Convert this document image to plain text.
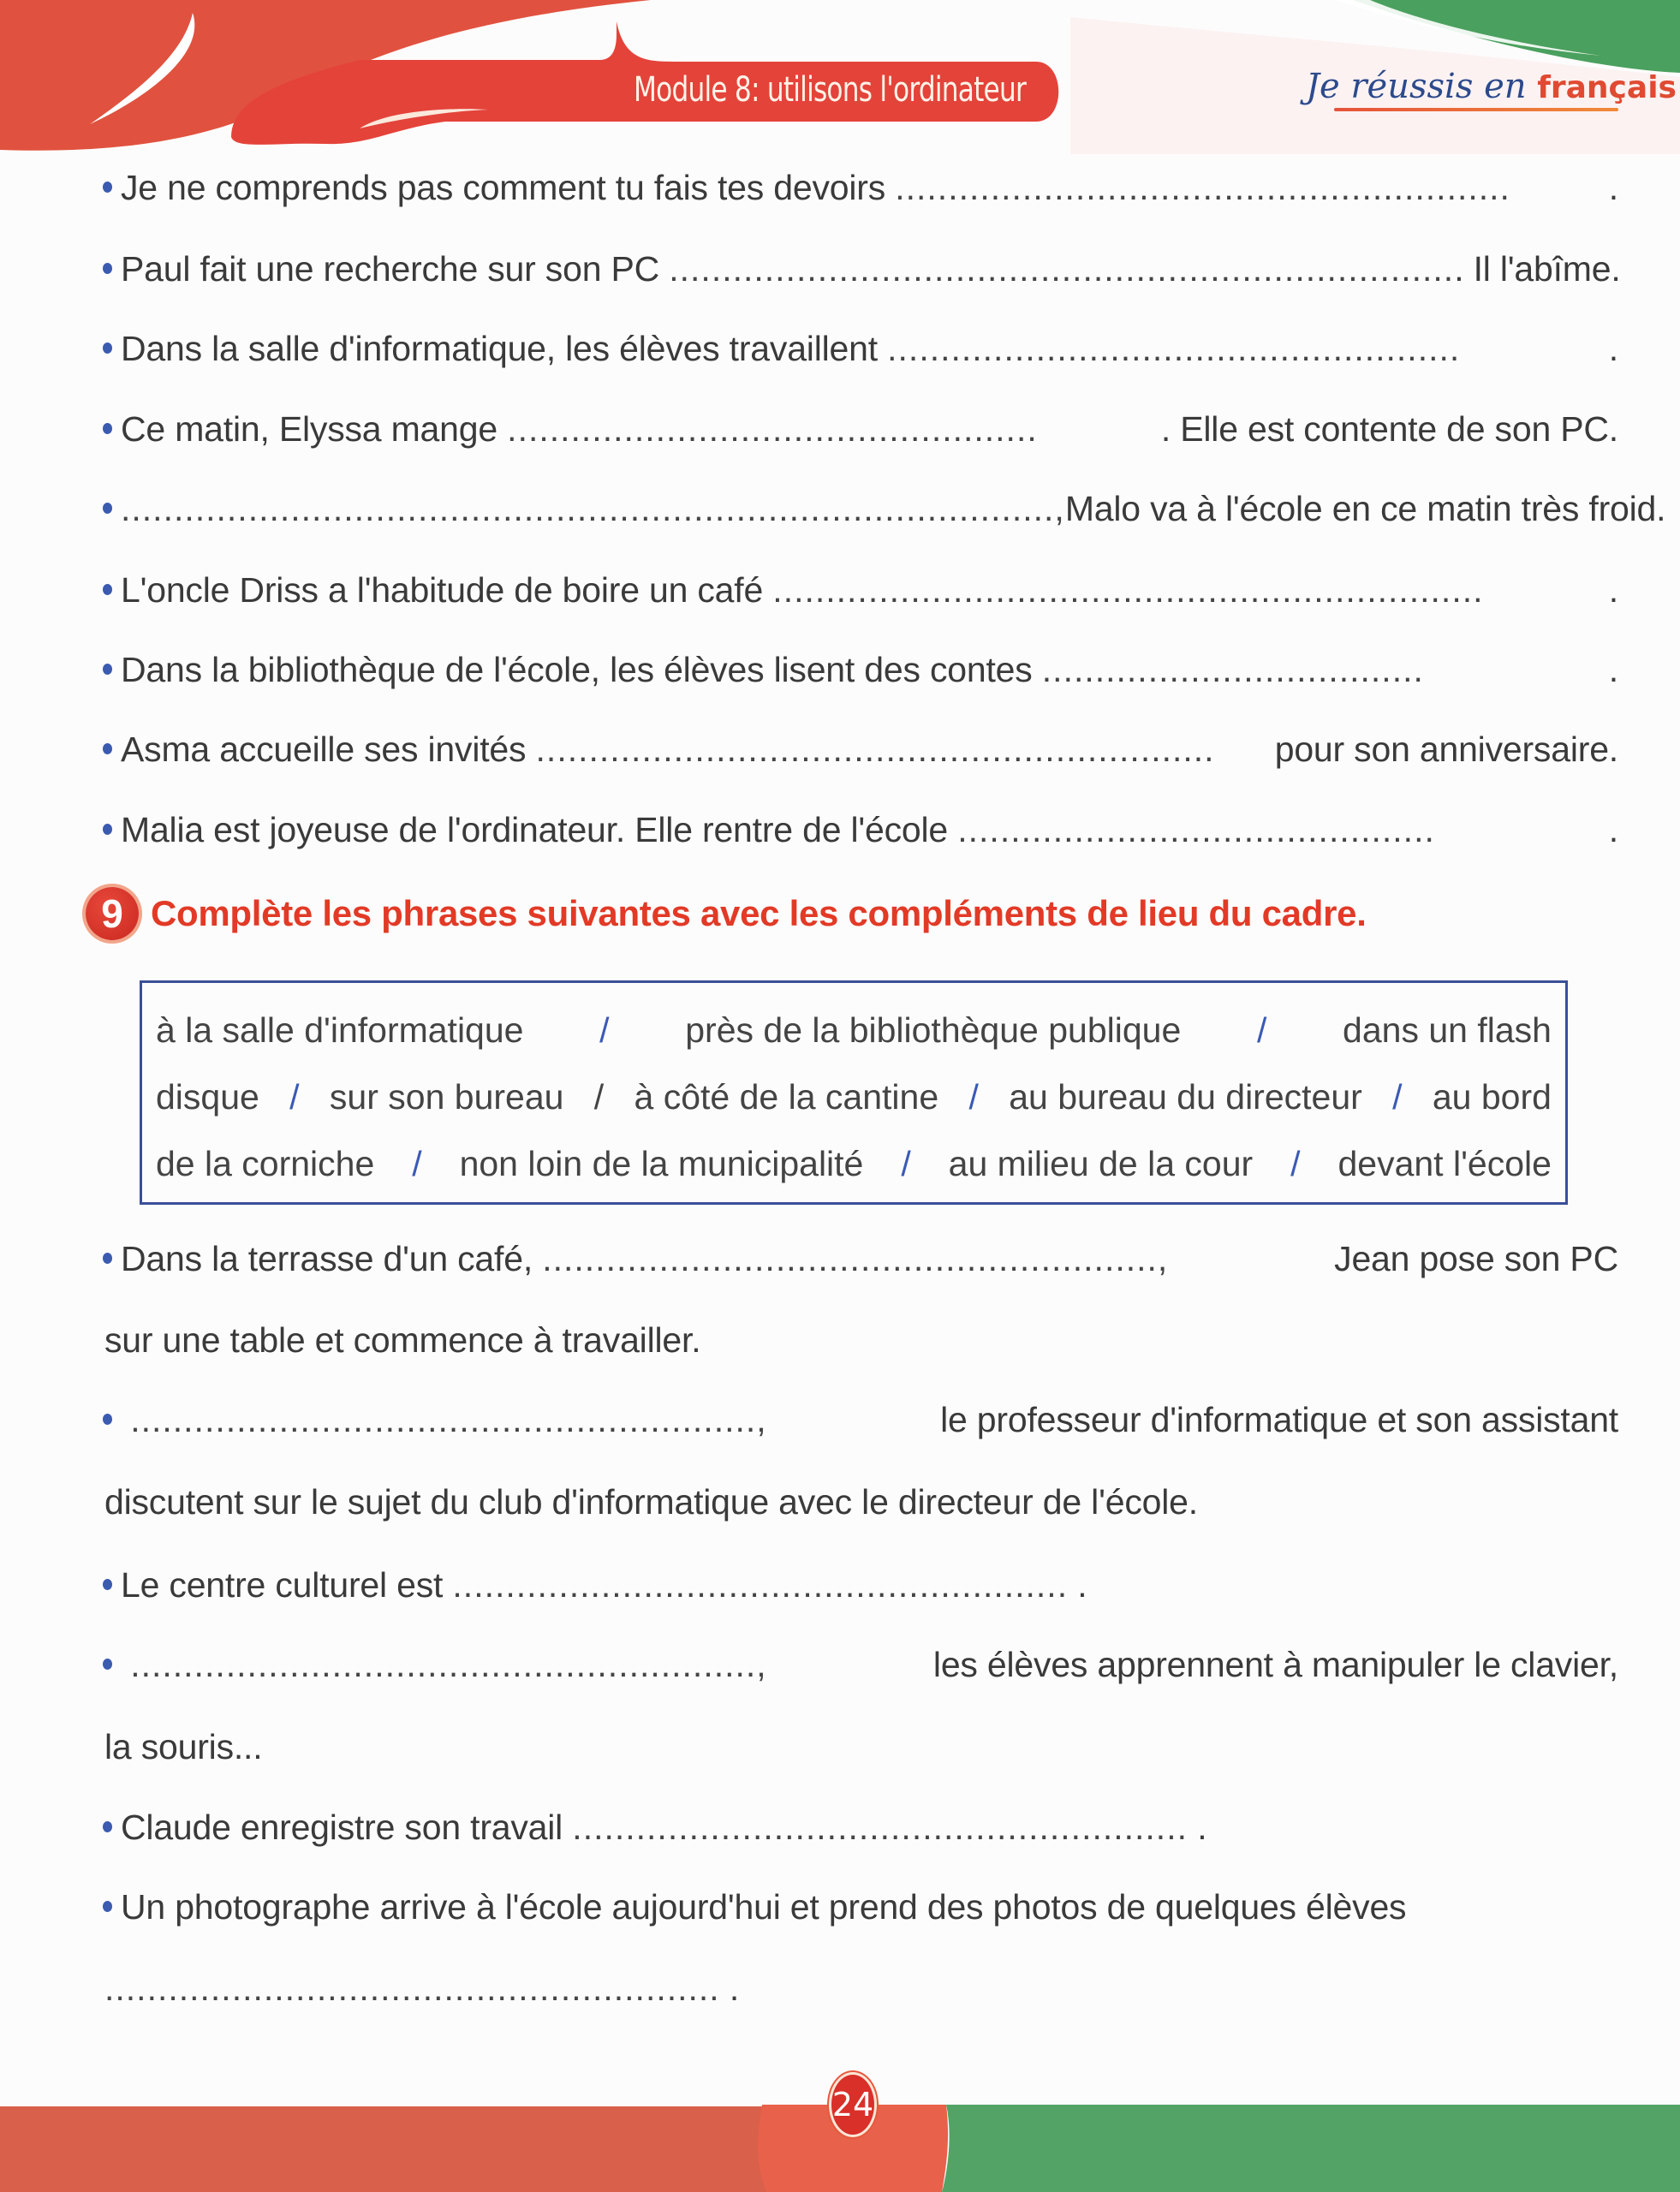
Module 8: utilisons l'ordinateur	Je réussis en français
Je ne comprends pas comment tu fais tes devoirs ..........................................................	.
Paul fait une recherche sur son PC .......................................................................... . Il l'abîme.
Dans la salle d'informatique, les élèves travaillent ......................................................	.
Ce matin, Elyssa mange ..................................................	. Elle est contente de son PC.
........................................................................................, Malo va à l'école en ce matin très froid.
L'oncle Driss a l'habitude de boire un café ...................................................................	.
Dans la bibliothèque de l'école, les élèves lisent des contes ....................................	.
Asma accueille ses invités ................................................................ pour son anniversaire.
Malia est joyeuse de l'ordinateur. Elle rentre de l'école .............................................	.
9 Complète les phrases suivantes avec les compléments de lieu du cadre.
à la salle d'informatique / près de la bibliothèque publique / dans un flash
disque / sur son bureau / à côté de la cantine / au bureau du directeur / au bord
de la corniche / non loin de la municipalité / au milieu de la cour / devant l'école
Dans la terrasse d'un café, ..........................................................,	Jean pose son PC
sur une table et commence à travailler.
...........................................................,	le professeur d'informatique et son assistant
discutent sur le sujet du club d'informatique avec le directeur de l'école.
Le centre culturel est .......................................................... .
...........................................................,	les élèves apprennent à manipuler le clavier,
la souris...
Claude enregistre son travail .......................................................... .
Un photographe arrive à l'école aujourd'hui et prend des photos de quelques élèves
.......................................................... .
24
